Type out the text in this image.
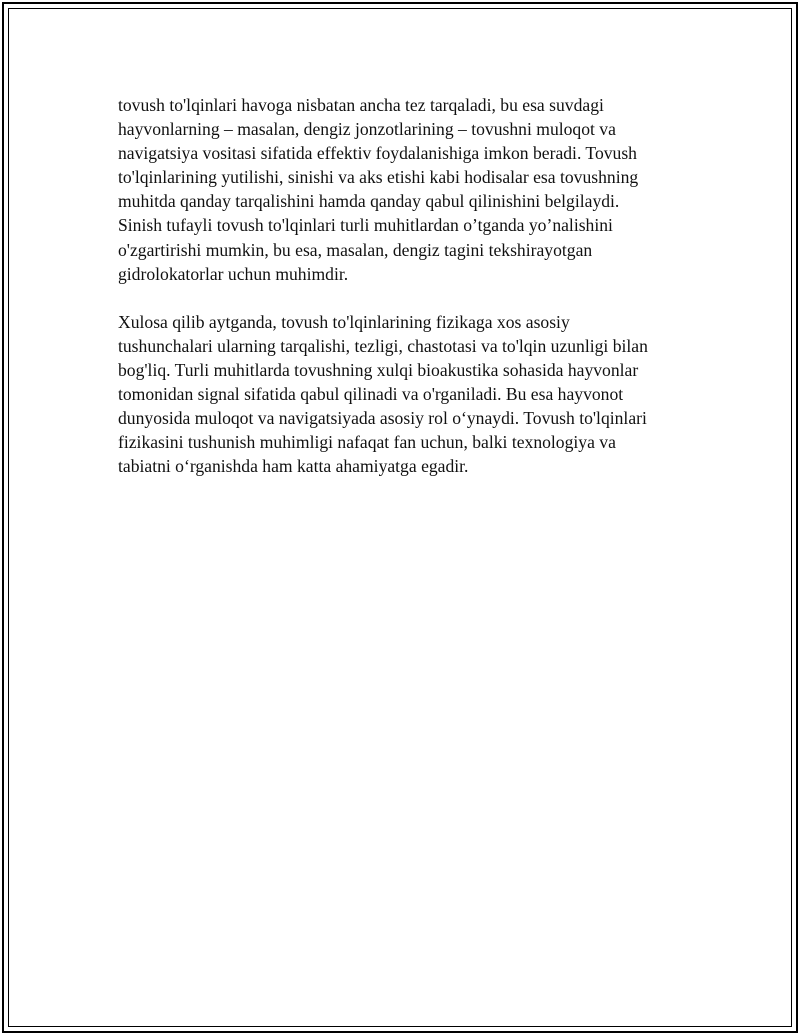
tovush to'lqinlari havoga nisbatan ancha tez tarqaladi, bu esa suvdagi
hayvonlarning – masalan, dengiz jonzotlarining – tovushni muloqot va
navigatsiya vositasi sifatida effektiv foydalanishiga imkon beradi. Tovush
to'lqinlarining yutilishi, sinishi va aks etishi kabi hodisalar esa tovushning
muhitda qanday tarqalishini hamda qanday qabul qilinishini belgilaydi.
Sinish tufayli tovush to'lqinlari turli muhitlardan o’tganda yo’nalishini
o'zgartirishi mumkin, bu esa, masalan, dengiz tagini tekshirayotgan
gidrolokatorlar uchun muhimdir.

Xulosa qilib aytganda, tovush to'lqinlarining fizikaga xos asosiy
tushunchalari ularning tarqalishi, tezligi, chastotasi va to'lqin uzunligi bilan
bog'liq. Turli muhitlarda tovushning xulqi bioakustika sohasida hayvonlar
tomonidan signal sifatida qabul qilinadi va o'rganiladi. Bu esa hayvonot
dunyosida muloqot va navigatsiyada asosiy rol o‘ynaydi. Tovush to'lqinlari
fizikasini tushunish muhimligi nafaqat fan uchun, balki texnologiya va
tabiatni o‘rganishda ham katta ahamiyatga egadir.
